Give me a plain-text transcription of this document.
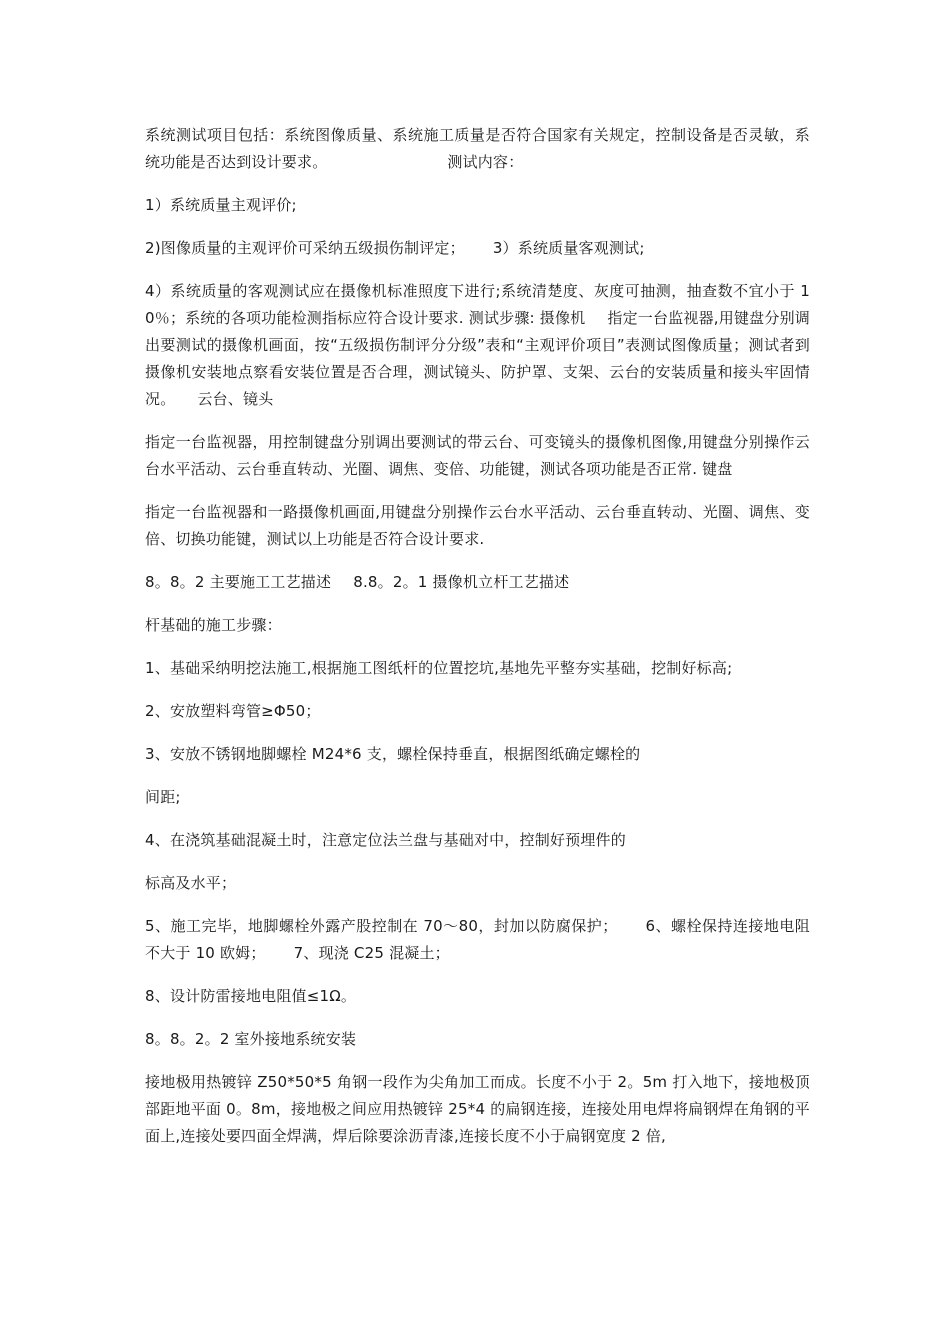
系统测试项目包括：系统图像质量、系统施工质量是否符合国家有关规定，控制设备是否灵敏，系统功能是否达到设计要求。	测试内容：

1）系统质量主观评价;

2)图像质量的主观评价可采纳五级损伤制评定； 3）系统质量客观测试;

4）系统质量的客观测试应在摄像机标准照度下进行;系统清楚度、灰度可抽测，抽查数不宜小于 10％；系统的各项功能检测指标应符合设计要求. 测试步骤: 摄像机 指定一台监视器,用键盘分别调出要测试的摄像机画面，按“五级损伤制评分分级”表和“主观评价项目”表测试图像质量；测试者到摄像机安装地点察看安装位置是否合理，测试镜头、防护罩、支架、云台的安装质量和接头牢固情况。 云台、镜头

指定一台监视器，用控制键盘分别调出要测试的带云台、可变镜头的摄像机图像,用键盘分别操作云台水平活动、云台垂直转动、光圈、调焦、变倍、功能键，测试各项功能是否正常. 键盘

指定一台监视器和一路摄像机画面,用键盘分别操作云台水平活动、云台垂直转动、光圈、调焦、变倍、切换功能键，测试以上功能是否符合设计要求.

8。8。2 主要施工工艺描述 8.8。2。1 摄像机立杆工艺描述

杆基础的施工步骤：

1、基础采纳明挖法施工,根据施工图纸杆的位置挖坑,基地先平整夯实基础，挖制好标高;

2、安放塑料弯管≥Φ50；

3、安放不锈钢地脚螺栓 M24*6 支，螺栓保持垂直，根据图纸确定螺栓的

间距;

4、在浇筑基础混凝土时，注意定位法兰盘与基础对中，控制好预埋件的

标高及水平；

5、施工完毕，地脚螺栓外露产股控制在 70～80，封加以防腐保护； 6、螺栓保持连接地电阻不大于 10 欧姆； 7、现浇 C25 混凝土；

8、设计防雷接地电阻值≤1Ω。

8。8。2。2 室外接地系统安装

接地极用热镀锌 Z50*50*5 角钢一段作为尖角加工而成。长度不小于 2。5m 打入地下，接地极顶部距地平面 0。8m，接地极之间应用热镀锌 25*4 的扁钢连接，连接处用电焊将扁钢焊在角钢的平面上,连接处要四面全焊满，焊后除要涂沥青漆,连接长度不小于扁钢宽度 2 倍,
